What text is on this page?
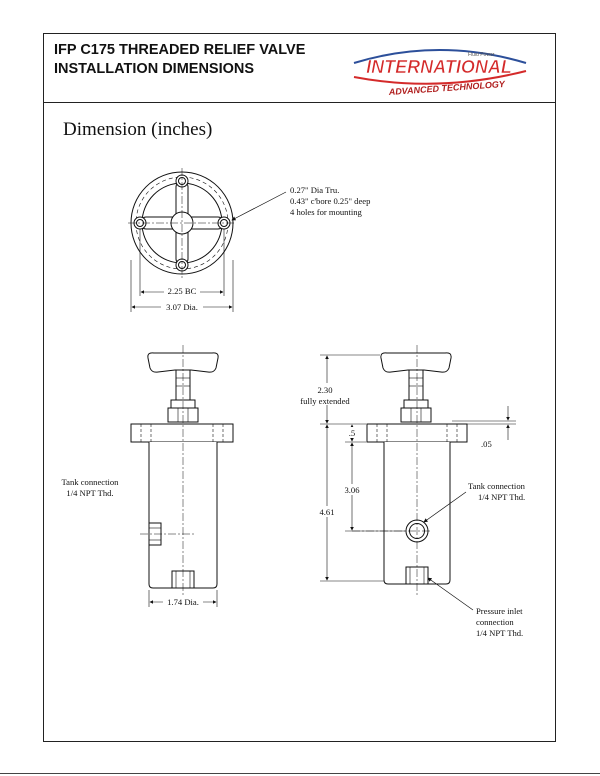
IFP C175 THREADED RELIEF VALVE
INSTALLATION DIMENSIONS
Fluid Power
INTERNATIONAL
ADVANCED TECHNOLOGY
Dimension (inches)
2.25 BC
3.07 Dia.
0.27" Dia Tru.
0.43" c'bore 0.25" deep
4 holes for mounting
1.74 Dia.
Tank connection
1/4 NPT Thd.
2.30
fully extended
.5
3.06
4.61
.05
Tank connection
1/4 NPT Thd.
Pressure inlet
connection
1/4 NPT Thd.
